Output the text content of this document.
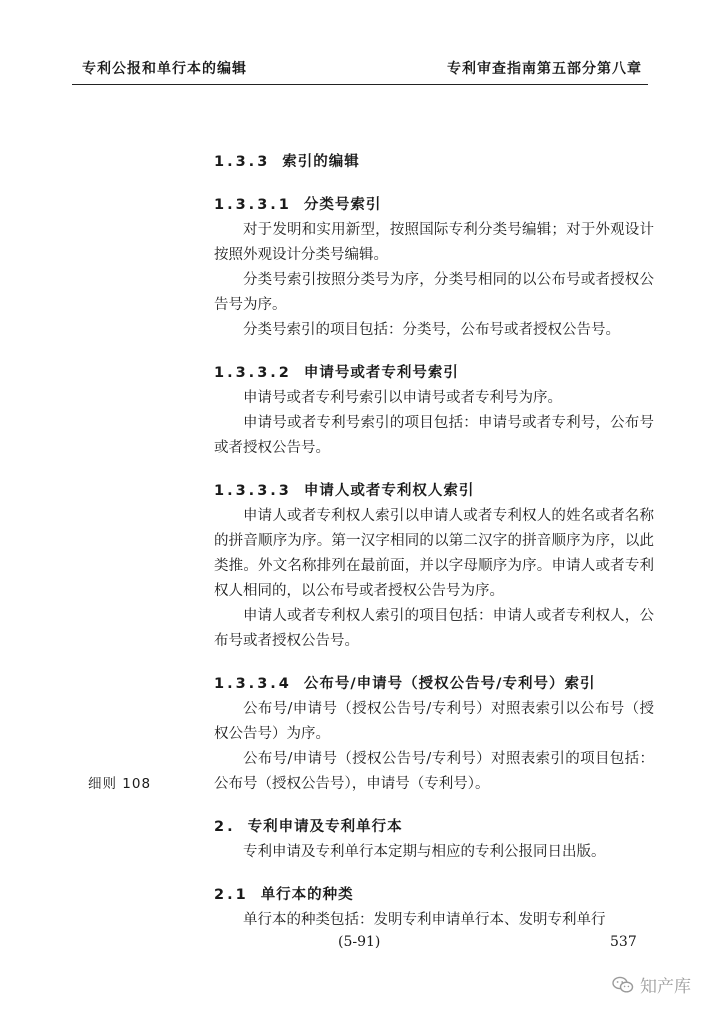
专利公报和单行本的编辑	专利审查指南第五部分第八章
1.3.3 索引的编辑
1.3.3.1 分类号索引
对于发明和实用新型，按照国际专利分类号编辑；对于外观设计按照外观设计分类号编辑。
分类号索引按照分类号为序，分类号相同的以公布号或者授权公告号为序。
分类号索引的项目包括：分类号，公布号或者授权公告号。
1.3.3.2 申请号或者专利号索引
申请号或者专利号索引以申请号或者专利号为序。
申请号或者专利号索引的项目包括：申请号或者专利号，公布号或者授权公告号。
1.3.3.3 申请人或者专利权人索引
申请人或者专利权人索引以申请人或者专利权人的姓名或者名称的拼音顺序为序。第一汉字相同的以第二汉字的拼音顺序为序，以此类推。外文名称排列在最前面，并以字母顺序为序。申请人或者专利权人相同的，以公布号或者授权公告号为序。
申请人或者专利权人索引的项目包括：申请人或者专利权人，公布号或者授权公告号。
1.3.3.4 公布号/申请号（授权公告号/专利号）索引
公布号/申请号（授权公告号/专利号）对照表索引以公布号（授权公告号）为序。
公布号/申请号（授权公告号/专利号）对照表索引的项目包括：公布号（授权公告号），申请号（专利号）。
2. 专利申请及专利单行本
专利申请及专利单行本定期与相应的专利公报同日出版。
2.1 单行本的种类
单行本的种类包括：发明专利申请单行本、发明专利单行
细则 108
(5-91)	537
知产库
